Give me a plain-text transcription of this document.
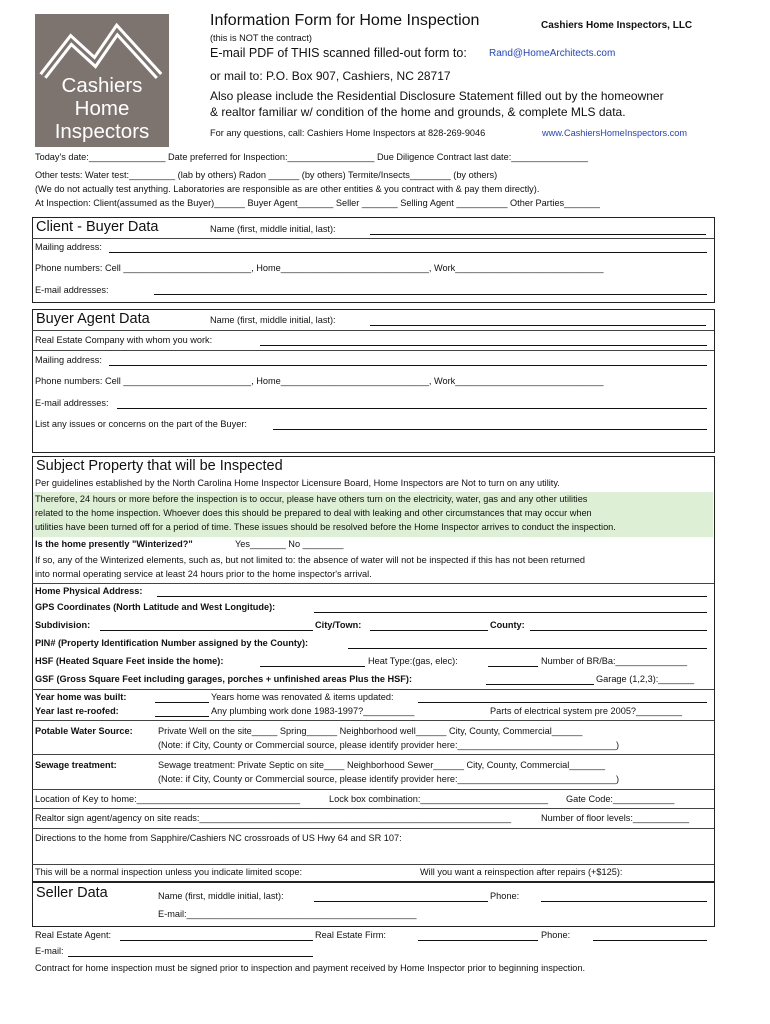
Cashiers
Home
Inspectors
Information Form for Home Inspection	Cashiers Home Inspectors, LLC
(this is NOT the contract)
E-mail PDF of THIS scanned filled-out form to: Rand@HomeArchitects.com
or mail to: P.O. Box 907, Cashiers, NC 28717
Also please include the Residential Disclosure Statement filled out by the homeowner
& realtor familiar w/ condition of the home and grounds, & complete MLS data.
For any questions, call: Cashiers Home Inspectors at 828-269-9046	www.CashiersHomeInspectors.com
Today's date:_______________ Date preferred for Inspection:_________________ Due Diligence Contract last date:_______________
Other tests: Water test:_________ (lab by others) Radon ______ (by others) Termite/Insects________ (by others)
(We do not actually test anything. Laboratories are responsible as are other entities & you contract with & pay them directly).
At Inspection: Client(assumed as the Buyer)______ Buyer Agent_______ Seller _______ Selling Agent __________ Other Parties_______
Client - Buyer Data	Name (first, middle initial, last):
Mailing address:
Phone numbers: Cell _________________________, Home_____________________________, Work_____________________________
E-mail addresses:
Buyer Agent Data	Name (first, middle initial, last):
Real Estate Company with whom you work:
Mailing address:
Phone numbers: Cell _________________________, Home_____________________________, Work_____________________________
E-mail addresses:
List any issues or concerns on the part of the Buyer:
Subject Property that will be Inspected
Per guidelines established by the North Carolina Home Inspector Licensure Board, Home Inspectors are Not to turn on any utility.
Therefore, 24 hours or more before the inspection is to occur, please have others turn on the electricity, water, gas and any other utilities
related to the home inspection. Whoever does this should be prepared to deal with leaking and other circumstances that may occur when
utilities have been turned off for a period of time. These issues should be resolved before the Home Inspector arrives to conduct the inspection.
Is the home presently "Winterized?"	Yes_______ No ________
If so, any of the Winterized elements, such as, but not limited to: the absence of water will not be inspected if this has not been returned
into normal operating service at least 24 hours prior to the home inspector's arrival.
Home Physical Address:
GPS Coordinates (North Latitude and West Longitude):
Subdivision:	City/Town:	County:
PIN# (Property Identification Number assigned by the County):
HSF (Heated Square Feet inside the home):	Heat Type:(gas, elec):	Number of BR/Ba:______________
GSF (Gross Square Feet including garages, porches + unfinished areas Plus the HSF):	Garage (1,2,3):_______
Year home was built:	Years home was renovated & items updated:
Year last re-roofed:	Any plumbing work done 1983-1997?__________	Parts of electrical system pre 2005?_________
Potable Water Source:	Private Well on the site_____ Spring______ Neighborhood well______ City, County, Commercial______
(Note: if City, County or Commercial source, please identify provider here:_______________________________)
Sewage treatment:	Sewage treatment: Private Septic on site____ Neighborhood Sewer______ City, County, Commercial_______
(Note: if City, County or Commercial source, please identify provider here:_______________________________)
Location of Key to home:________________________________	Lock box combination:_________________________ Gate Code:____________
Realtor sign agent/agency on site reads:_____________________________________________________________	Number of floor levels:___________
Directions to the home from Sapphire/Cashiers NC crossroads of US Hwy 64 and SR 107:
This will be a normal inspection unless you indicate limited scope:	Will you want a reinspection after repairs (+$125):
Seller Data	Name (first, middle initial, last):	Phone:
E-mail:_____________________________________________
Real Estate Agent:	Real Estate Firm:	Phone:
E-mail:
Contract for home inspection must be signed prior to inspection and payment received by Home Inspector prior to beginning inspection.
